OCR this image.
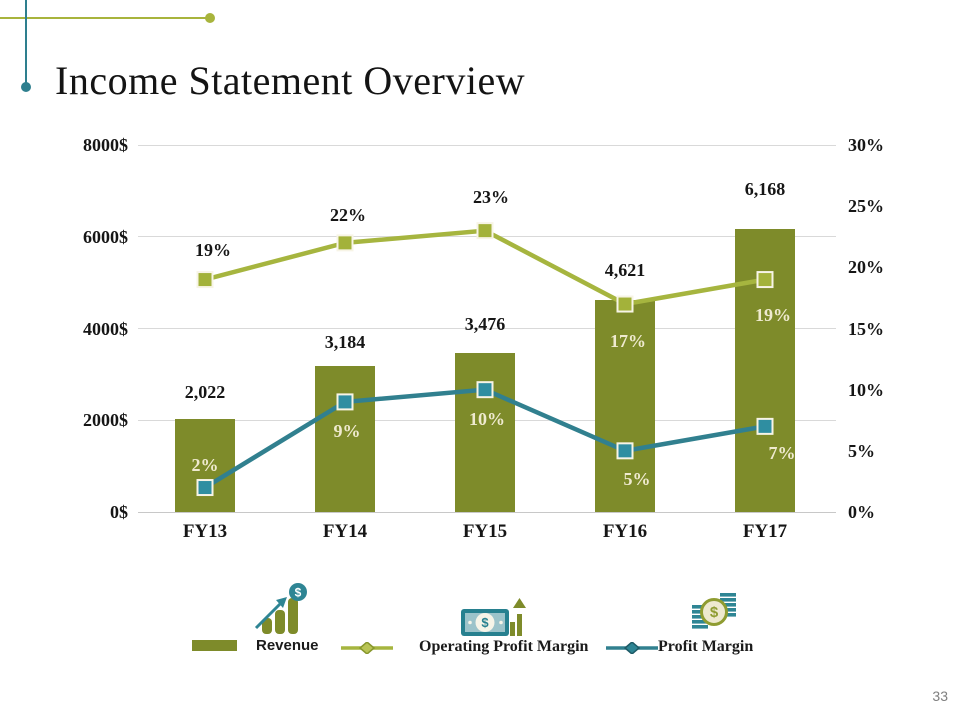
Income Statement Overview
0$
2000$
4000$
6000$
8000$
0%
5%
10%
15%
20%
25%
30%
FY13	FY14	FY15	FY16	FY17
2,022
3,184
3,476
4,621
6,168
19%
22%
23%
17%
19%
2%
9%
10%
5%
7%
$
$
$
Revenue	Operating Profit Margin	Profit Margin
33
